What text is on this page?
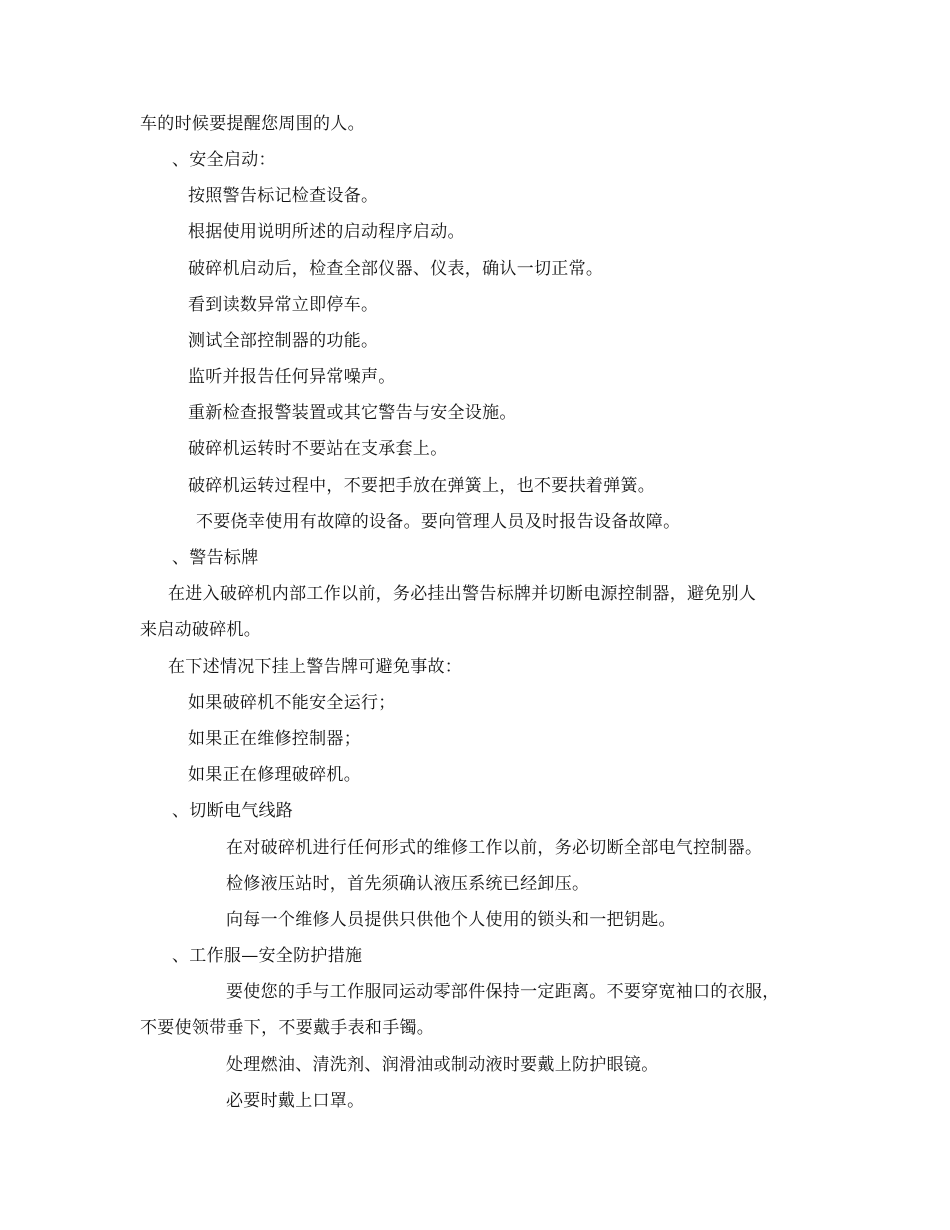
车的时候要提醒您周围的人。
、安全启动：
按照警告标记检查设备。
根据使用说明所述的启动程序启动。
破碎机启动后，检查全部仪器、仪表，确认一切正常。
看到读数异常立即停车。
测试全部控制器的功能。
监听并报告任何异常噪声。
重新检查报警装置或其它警告与安全设施。
破碎机运转时不要站在支承套上。
破碎机运转过程中，不要把手放在弹簧上，也不要扶着弹簧。
不要侥幸使用有故障的设备。要向管理人员及时报告设备故障。
、警告标牌
在进入破碎机内部工作以前，务必挂出警告标牌并切断电源控制器，避免别人
来启动破碎机。
在下述情况下挂上警告牌可避免事故：
如果破碎机不能安全运行；
如果正在维修控制器；
如果正在修理破碎机。
、切断电气线路
在对破碎机进行任何形式的维修工作以前，务必切断全部电气控制器。
检修液压站时，首先须确认液压系统已经卸压。
向每一个维修人员提供只供他个人使用的锁头和一把钥匙。
、工作服—安全防护措施
要使您的手与工作服同运动零部件保持一定距离。不要穿宽袖口的衣服，
不要使领带垂下，不要戴手表和手镯。
处理燃油、清洗剂、润滑油或制动液时要戴上防护眼镜。
必要时戴上口罩。
